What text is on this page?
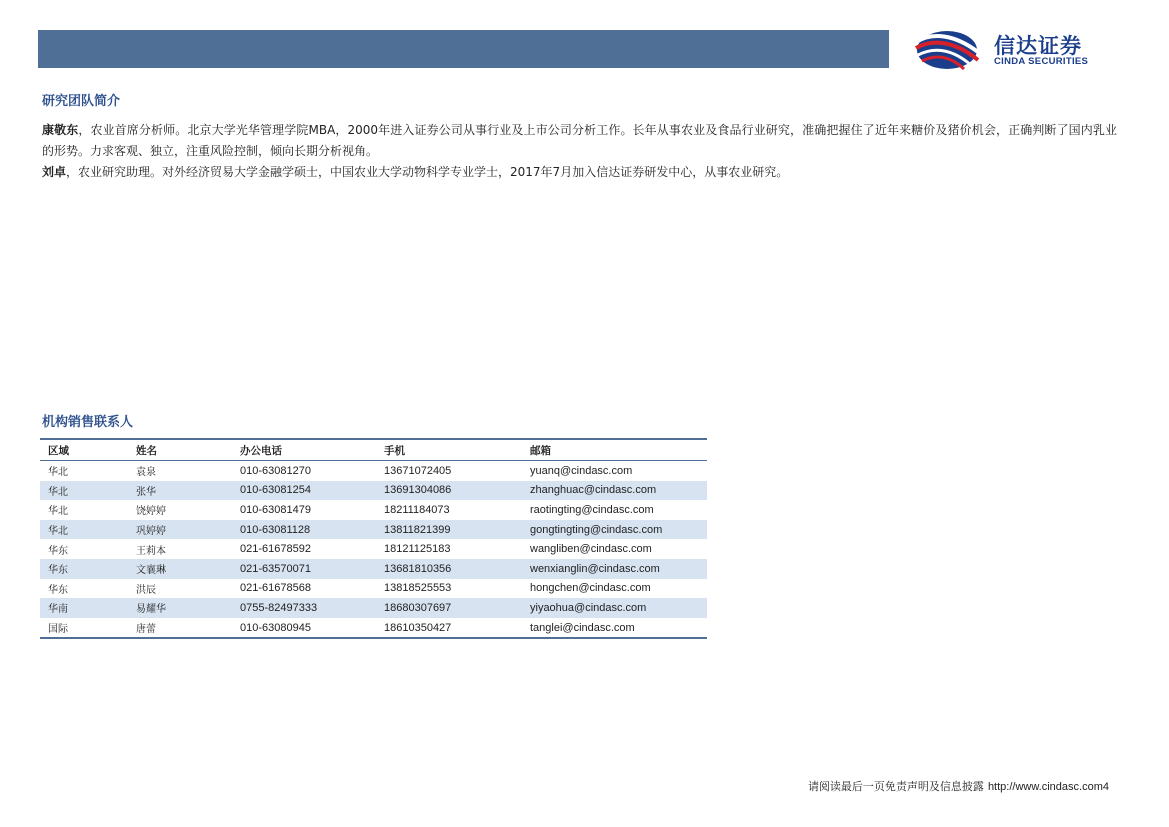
信达证券
CINDA SECURITIES
研究团队简介

康敬东，农业首席分析师。北京大学光华管理学院MBA，2000年进入证券公司从事行业及上市公司分析工作。长年从事农业及食品行业研究，准确把握住了近年来糖价及猪价机会，正确判断了国内乳业的形势。力求客观、独立，注重风险控制，倾向长期分析视角。

刘卓，农业研究助理。对外经济贸易大学金融学硕士，中国农业大学动物科学专业学士，2017年7月加入信达证券研发中心，从事农业研究。

机构销售联系人
区域	姓名	办公电话	手机	邮箱
华北	袁泉	010-63081270	13671072405	yuanq@cindasc.com
华北	张华	010-63081254	13691304086	zhanghuac@cindasc.com
华北	饶婷婷	010-63081479	18211184073	raotingting@cindasc.com
华北	巩婷婷	010-63081128	13811821399	gongtingting@cindasc.com
华东	王莉本	021-61678592	18121125183	wangliben@cindasc.com
华东	文襄琳	021-63570071	13681810356	wenxianglin@cindasc.com
华东	洪辰	021-61678568	13818525553	hongchen@cindasc.com
华南	易耀华	0755-82497333	18680307697	yiyaohua@cindasc.com
国际	唐蕾	010-63080945	18610350427	tanglei@cindasc.com
请阅读最后一页免责声明及信息披露 http://www.cindasc.com4
